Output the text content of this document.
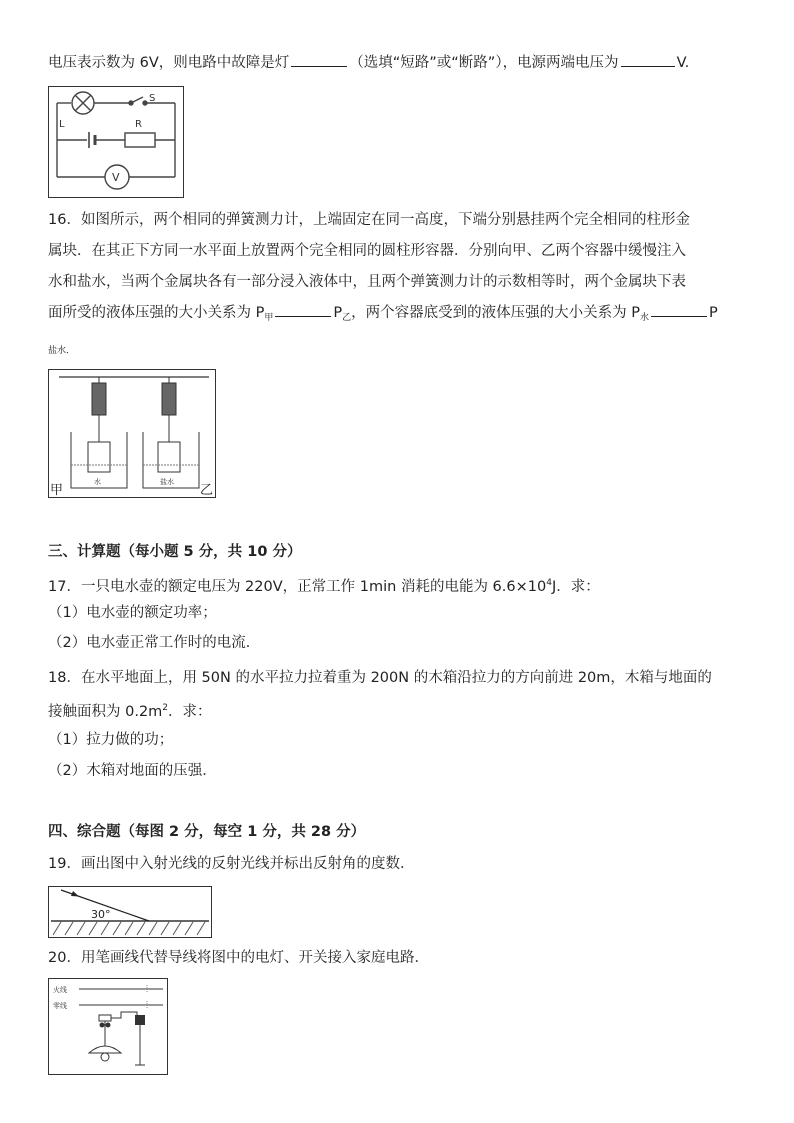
电压表示数为 6V，则电路中故障是灯	（选填“短路”或“断路”），电源两端电压为	V.
L
S
R
V
16．如图所示，两个相同的弹簧测力计，上端固定在同一高度，下端分别悬挂两个完全相同的柱形金
属块．在其正下方同一水平面上放置两个完全相同的圆柱形容器．分别向甲、乙两个容器中缓慢注入
水和盐水，当两个金属块各有一部分浸入液体中，且两个弹簧测力计的示数相等时，两个金属块下表
面所受的液体压强的大小关系为 $P_甲$	$P_乙$，两个容器底受到的液体压强的大小关系为 $P_水$	P
盐水．
水	盐水
甲	乙
三、计算题（每小题 5 分，共 10 分）
17．一只电水壶的额定电压为 220V，正常工作 1min 消耗的电能为 $6.6\times 10^4J$．求：
（1）电水壶的额定功率；
（2）电水壶正常工作时的电流．
18．在水平地面上，用 50N 的水平拉力拉着重为 200N 的木箱沿拉力的方向前进 20m，木箱与地面的
接触面积为 $0.2m^2$．求：
（1）拉力做的功；
（2）木箱对地面的压强．
四、综合题（每图 2 分，每空 1 分，共 28 分）
19．画出图中入射光线的反射光线并标出反射角的度数．
30°
20．用笔画线代替导线将图中的电灯、开关接入家庭电路．
火线
零线
